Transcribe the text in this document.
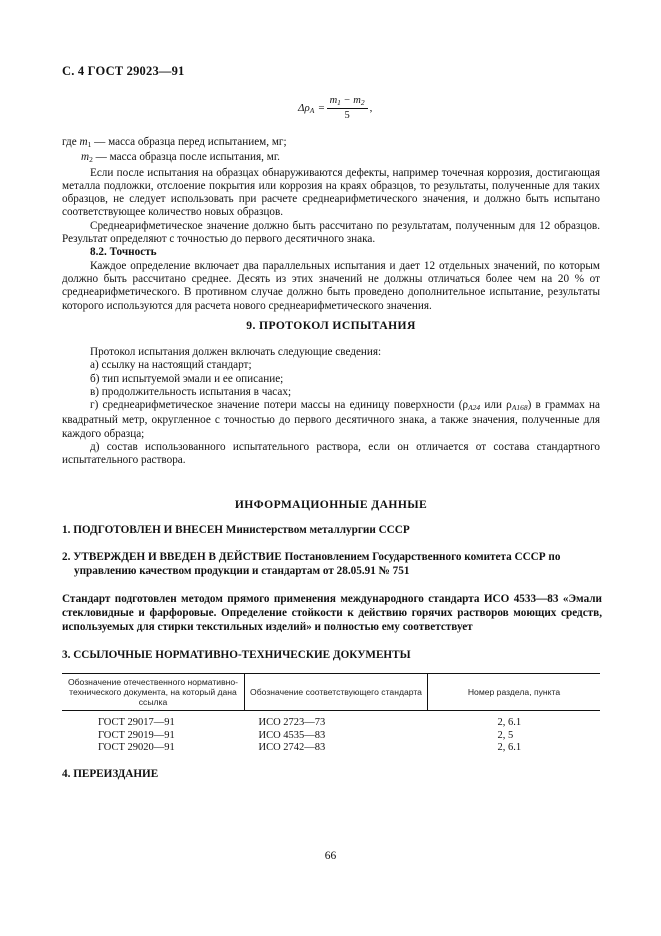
С. 4 ГОСТ 29023—91
$\Delta\rho_A = \frac{m_1 - m_2}{5}$ ,

где $m_1$ — масса образца перед испытанием, мг;

$m_2$ — масса образца после испытания, мг.

Если после испытания на образцах обнаруживаются дефекты, например точечная коррозия, достигающая металла подложки, отслоение покрытия или коррозия на краях образцов, то результаты, полученные для таких образцов, не следует использовать при расчете среднеарифметического значения, и должно быть испытано соответствующее количество новых образцов.

Среднеарифметическое значение должно быть рассчитано по результатам, полученным для 12 образцов. Результат определяют с точностью до первого десятичного знака.

8.2. Точность

Каждое определение включает два параллельных испытания и дает 12 отдельных значений, по которым должно быть рассчитано среднее. Десять из этих значений не должны отличаться более чем на 20 % от среднеарифметического. В противном случае должно быть проведено дополнительное испытание, результаты которого используются для расчета нового среднеарифметического значения.

9. ПРОТОКОЛ ИСПЫТАНИЯ

Протокол испытания должен включать следующие сведения:

а) ссылку на настоящий стандарт;

б) тип испытуемой эмали и ее описание;

в) продолжительность испытания в часах;

г) среднеарифметическое значение потери массы на единицу поверхности ($\rho_{A24}$ или $\rho_{A168}$) в граммах на квадратный метр, округленное с точностью до первого десятичного знака, а также значения, полученные для каждого образца;

д) состав использованного испытательного раствора, если он отличается от состава стандартного испытательного раствора.

ИНФОРМАЦИОННЫЕ ДАННЫЕ
1. ПОДГОТОВЛЕН И ВНЕСЕН Министерством металлургии СССР
2. УТВЕРЖДЕН И ВВЕДЕН В ДЕЙСТВИЕ Постановлением Государственного комитета СССР по
управлению качеством продукции и стандартам от 28.05.91 № 751
Стандарт подготовлен методом прямого применения международного стандарта ИСО 4533—83 «Эмали стекловидные и фарфоровые. Определение стойкости к действию горячих растворов моющих средств, используемых для стирки текстильных изделий» и полностью ему соответствует
3. ССЫЛОЧНЫЕ НОРМАТИВНО-ТЕХНИЧЕСКИЕ ДОКУМЕНТЫ
Обозначение отечественного нормативно-технического документа, на который дана ссылка	Обозначение соответствующего стандарта	Номер раздела, пункта
ГОСТ 29017—91	ИСО 2723—73	2, 6.1
ГОСТ 29019—91	ИСО 4535—83	2, 5
ГОСТ 29020—91	ИСО 2742—83	2, 6.1
4. ПЕРЕИЗДАНИЕ
66
